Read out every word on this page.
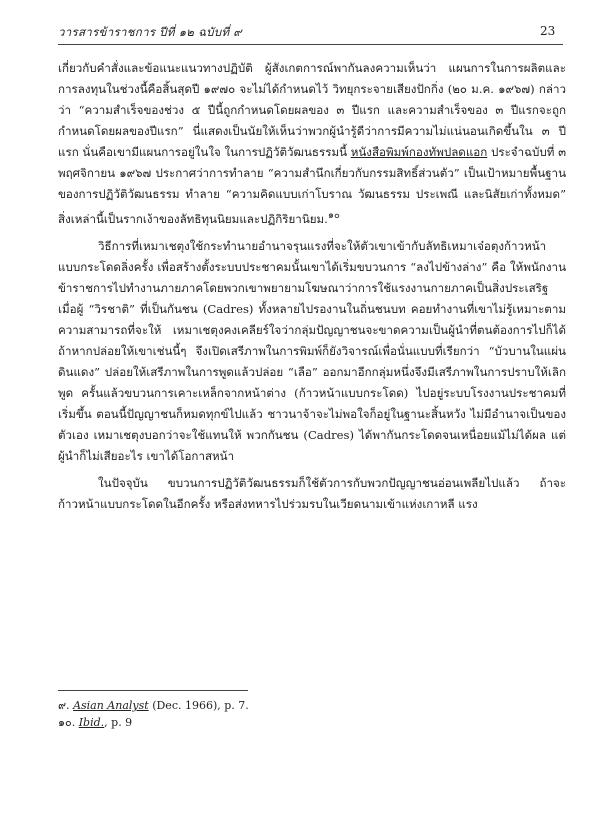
วารสารข้าราชการ ปีที่ ๑๒ ฉบับที่ ๙	23

เกี่ยวกับคำสั่งและข้อแนะแนวทางปฏิบัติ ผู้สังเกตการณ์พากันลงความเห็นว่า แผนการในการผลิตและการลงทุนในช่วงนี้คือสิ้นสุดปี ๑๙๗๐ จะไม่ได้กำหนดไว้ วิทยุกระจายเสียงปักกิ่ง (๒๐ ม.ค. ๑๙๖๗) กล่าวว่า “ความสำเร็จของช่วง ๕ ปีนี้ถูกกำหนดโดยผลของ ๓ ปีแรก และความสำเร็จของ ๓ ปีแรกจะถูกกำหนดโดยผลของปีแรก” นี่แสดงเป็นนัยให้เห็นว่าพวกผู้นำรู้ดีว่าการมีความไม่แน่นอนเกิดขึ้นใน ๓ ปีแรก นั่นคือเขามีแผนการอยู่ในใจ ในการปฏิวัติวัฒนธรรมนี้ หนังสือพิมพ์กองทัพปลดแอก ประจำฉบับที่ ๓ พฤศจิกายน ๑๙๖๗ ประกาศว่าการทำลาย “ความสำนึกเกี่ยวกับกรรมสิทธิ์ส่วนตัว” เป็นเป้าหมายพื้นฐานของการปฏิวัติวัฒนธรรม ทำลาย “ความคิดแบบเก่าโบราณ วัฒนธรรม ประเพณี และนิสัยเก่าทั้งหมด” สิ่งเหล่านี้เป็นรากเง้าของลัทธิทุนนิยมและปฏิกิริยานิยม.$^{๑๐}$

วิธีการที่เหมาเชตุงใช้กระทำนายอำนาจรุนแรงที่จะให้ตัวเขาเข้ากับลัทธิเหมาเจ๋อตุงก้าวหน้าแบบกระโดดลิ่งครั้ง เพื่อสร้างตั้งระบบประชาคมนั้นเขาได้เริ่มขบวนการ “ลงไปข้างล่าง” คือ ให้พนักงานข้าราชการไปทำงานภายภาคโดยพวกเขาพยายามโฆษณาว่าการใช้แรงงานกายภาคเป็นสิ่งประเสริฐ เมื่อผู้ “วิรชาติ” ที่เป็นกันชน (Cadres) ทั้งหลายไปรองานในถิ่นชนบท คอยทำงานที่เขาไม่รู้เหมาะตามความสามารถที่จะให้ เหมาเชตุงคงเคลียร์ใจว่ากลุ่มปัญญาชนจะขาดความเป็นผู้นำที่ตนต้องการไปก็ได้ ถ้าหากปล่อยให้เขาเช่นนี้ๆ จึงเปิดเสรีภาพในการพิมพ์ก็ยังวิจารณ์เพื่อนั่นแบบที่เรียกว่า “บัวบานในแผ่นดินแดง” ปล่อยให้เสรีภาพในการพูดแล้วปล่อย “เลือ” ออกมาอีกกลุ่มหนึ่งจึงมีเสรีภาพในการปราบให้เลิกพูด ครั้นแล้วขบวนการเคาะเหล็กจากหน้าต่าง (ก้าวหน้าแบบกระโดด) ไปอยู่ระบบโรงงานประชาคมที่เริ่มขึ้น ตอนนี้ปัญญาชนก็หมดทุกข์ไปแล้ว ชาวนาจ้าจะไม่พอใจก็อยู่ในฐานะสิ้นหวัง ไม่มีอำนาจเป็นของตัวเอง เหมาเชตุงบอกว่าจะใช้แทนให้ พวกกันชน (Cadres) ได้พากันกระโดดจนเหนื่อยแม้ไม่ได้ผล แต่ผู้นำก็ไม่เสียอะไร เขาได้โอกาสหน้า

ในปัจจุบัน ขบวนการปฏิวัติวัฒนธรรมก็ใช้ตัวการกับพวกปัญญาชนอ่อนเพลียไปแล้ว ถ้าจะก้าวหน้าแบบกระโดดในอีกครั้ง หรือส่งทหารไปร่วมรบในเวียดนามเข้าแห่งเกาหลี แรง

๙. Asian Analyst (Dec. 1966), p. 7.
๑๐. Ibid., p. 9
